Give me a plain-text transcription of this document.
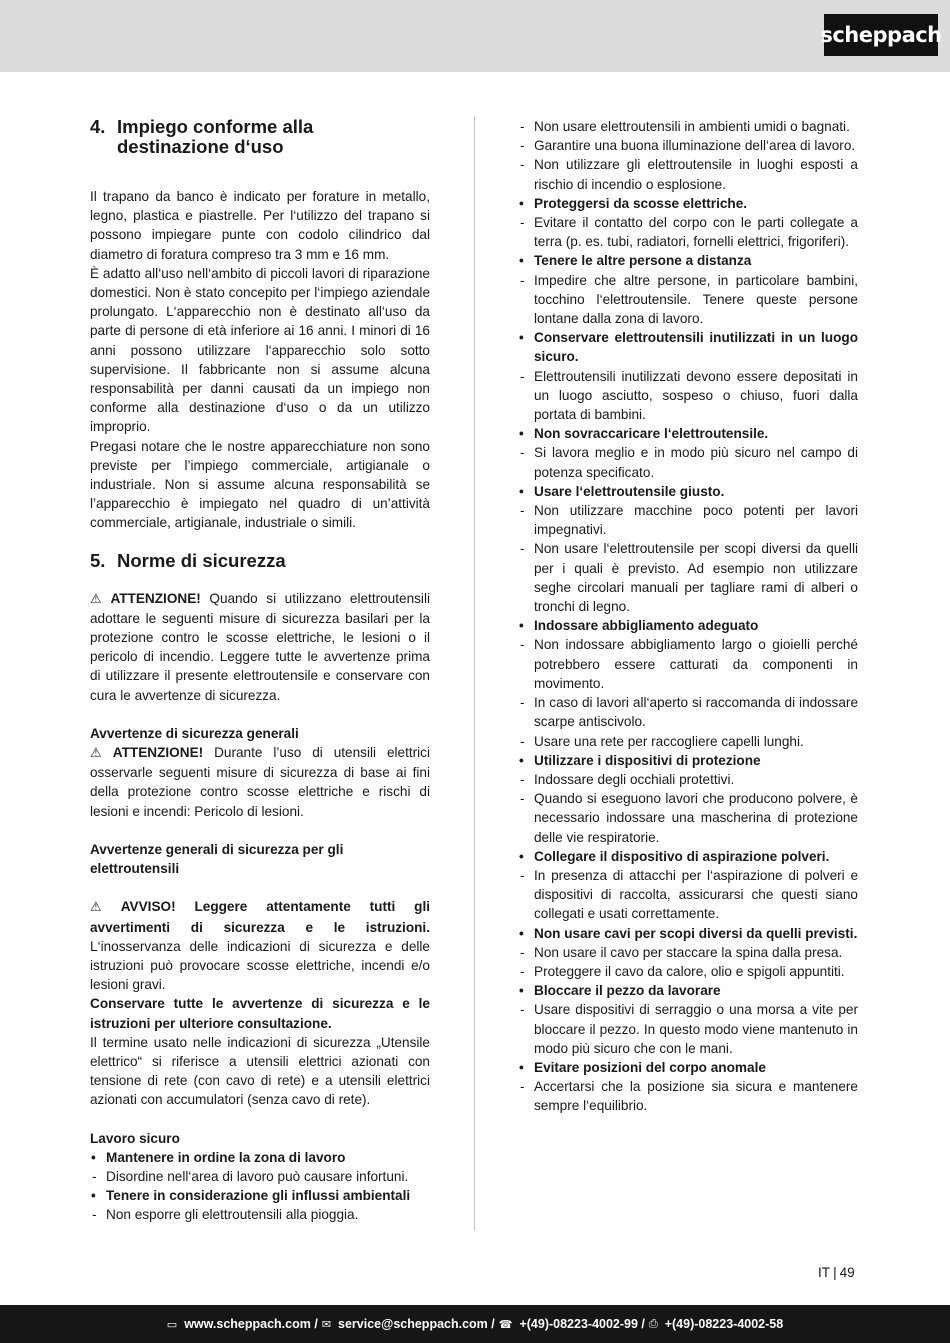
scheppach
4. Impiego conforme alla
destinazione d‘uso

Il trapano da banco è indicato per forature in metallo, legno, plastica e piastrelle. Per l‘utilizzo del trapano si possono impiegare punte con codolo cilindrico dal diametro di foratura compreso tra 3 mm e 16 mm.

È adatto all‘uso nell‘ambito di piccoli lavori di riparazione domestici. Non è stato concepito per l‘impiego aziendale prolungato. L‘apparecchio non è destinato all‘uso da parte di persone di età inferiore ai 16 anni. I minori di 16 anni possono utilizzare l‘apparecchio solo sotto supervisione. Il fabbricante non si assume alcuna responsabilità per danni causati da un impiego non conforme alla destinazione d‘uso o da un utilizzo improprio.

Pregasi notare che le nostre apparecchiature non sono previste per l’impiego commerciale, artigianale o industriale. Non si assume alcuna responsabilità se l’apparecchio è impiegato nel quadro di un’attività commerciale, artigianale, industriale o simili.

5. Norme di sicurezza

⚠ ATTENZIONE! Quando si utilizzano elettroutensili adottare le seguenti misure di sicurezza basilari per la protezione contro le scosse elettriche, le lesioni o il pericolo di incendio. Leggere tutte le avvertenze prima di utilizzare il presente elettroutensile e conservare con cura le avvertenze di sicurezza.

Avvertenze di sicurezza generali

⚠ ATTENZIONE! Durante l’uso di utensili elettrici osservarle seguenti misure di sicurezza di base ai fini della protezione contro scosse elettriche e rischi di lesioni e incendi: Pericolo di lesioni.

Avvertenze generali di sicurezza per gli elettroutensili

⚠ AVVISO! Leggere attentamente tutti gli avvertimenti di sicurezza e le istruzioni. L‘inosservanza delle indicazioni di sicurezza e delle istruzioni può provocare scosse elettriche, incendi e/o lesioni gravi.

Conservare tutte le avvertenze di sicurezza e le istruzioni per ulteriore consultazione.

Il termine usato nelle indicazioni di sicurezza „Utensile elettrico“ si riferisce a utensili elettrici azionati con tensione di rete (con cavo di rete) e a utensili elettrici azionati con accumulatori (senza cavo di rete).

Lavoro sicuro
• Mantenere in ordine la zona di lavoro
- Disordine nell‘area di lavoro può causare infortuni.
• Tenere in considerazione gli influssi ambientali
- Non esporre gli elettroutensili alla pioggia.
- Non usare elettroutensili in ambienti umidi o bagnati.
- Garantire una buona illuminazione dell‘area di lavoro.
- Non utilizzare gli elettroutensile in luoghi esposti a rischio di incendio o esplosione.
• Proteggersi da scosse elettriche.
- Evitare il contatto del corpo con le parti collegate a terra (p. es. tubi, radiatori, fornelli elettrici, frigoriferi).
• Tenere le altre persone a distanza
- Impedire che altre persone, in particolare bambini, tocchino l‘elettroutensile. Tenere queste persone lontane dalla zona di lavoro.
• Conservare elettroutensili inutilizzati in un luogo sicuro.
- Elettroutensili inutilizzati devono essere depositati in un luogo asciutto, sospeso o chiuso, fuori dalla portata di bambini.
• Non sovraccaricare l‘elettroutensile.
- Si lavora meglio e in modo più sicuro nel campo di potenza specificato.
• Usare l‘elettroutensile giusto.
- Non utilizzare macchine poco potenti per lavori impegnativi.
- Non usare l‘elettroutensile per scopi diversi da quelli per i quali è previsto. Ad esempio non utilizzare seghe circolari manuali per tagliare rami di alberi o tronchi di legno.
• Indossare abbigliamento adeguato
- Non indossare abbigliamento largo o gioielli perché potrebbero essere catturati da componenti in movimento.
- In caso di lavori all‘aperto si raccomanda di indossare scarpe antiscivolo.
- Usare una rete per raccogliere capelli lunghi.
• Utilizzare i dispositivi di protezione
- Indossare degli occhiali protettivi.
- Quando si eseguono lavori che producono polvere, è necessario indossare una mascherina di protezione delle vie respiratorie.
• Collegare il dispositivo di aspirazione polveri.
- In presenza di attacchi per l‘aspirazione di polveri e dispositivi di raccolta, assicurarsi che questi siano collegati e usati correttamente.
• Non usare cavi per scopi diversi da quelli previsti.
- Non usare il cavo per staccare la spina dalla presa.
- Proteggere il cavo da calore, olio e spigoli appuntiti.
• Bloccare il pezzo da lavorare
- Usare dispositivi di serraggio o una morsa a vite per bloccare il pezzo. In questo modo viene mantenuto in modo più sicuro che con le mani.
• Evitare posizioni del corpo anomale
- Accertarsi che la posizione sia sicura e mantenere sempre l‘equilibrio.
IT | 49
▭ www.scheppach.com / ✉ service@scheppach.com / ☎ +(49)-08223-4002-99 / ⎙ +(49)-08223-4002-58
